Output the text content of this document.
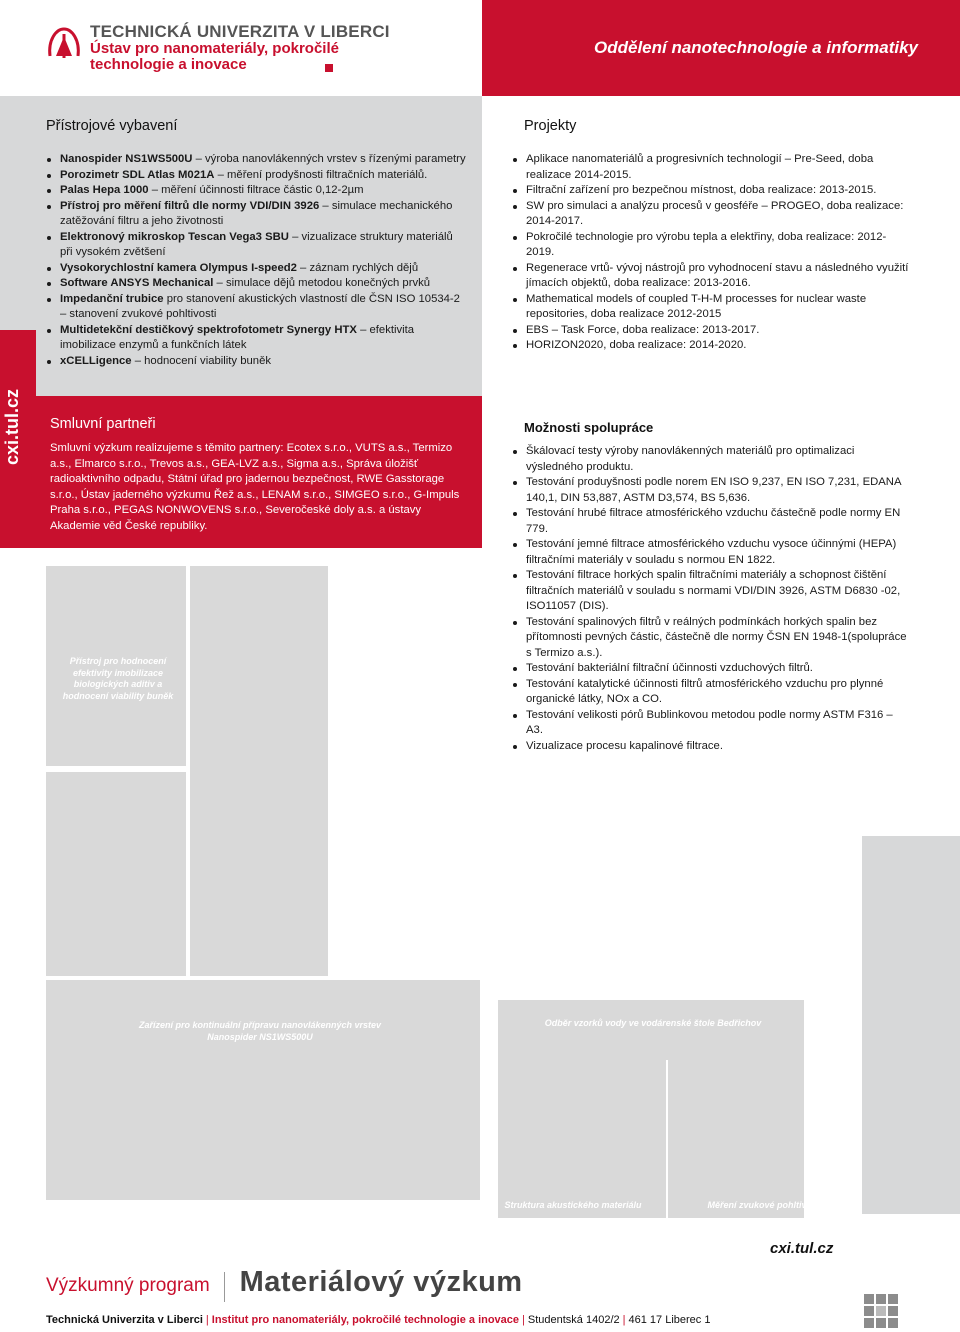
TECHNICKÁ UNIVERZITA V LIBERCI
Ústav pro nanomateriály, pokročilé technologie a inovace
Oddělení nanotechnologie a informatiky
cxi.tul.cz
Přístrojové vybavení
Nanospider NS1WS500U – výroba nanovlákenných vrstev s řízenými parametry
Porozimetr SDL Atlas M021A – měření prodyšnosti filtračních materiálů.
Palas Hepa 1000 – měření účinnosti filtrace částic 0,12-2µm
Přístroj pro měření filtrů dle normy VDI/DIN 3926 – simulace mechanického zatěžování filtru a jeho životnosti
Elektronový mikroskop Tescan Vega3 SBU – vizualizace struktury materiálů při vysokém zvětšení
Vysokorychlostní kamera Olympus I-speed2 – záznam rychlých dějů
Software ANSYS Mechanical – simulace dějů metodou konečných prvků
Impedanční trubice pro stanovení akustických vlastností dle ČSN ISO 10534-2 – stanovení zvukové pohltivosti
Multidetekční destičkový spektrofotometr Synergy HTX – efektivita imobilizace enzymů a funkčních látek
xCELLigence – hodnocení viability buněk
Smluvní partneři

Smluvní výzkum realizujeme s těmito partnery: Ecotex s.r.o., VUTS a.s., Termizo a.s., Elmarco s.r.o., Trevos a.s., GEA-LVZ a.s., Sigma a.s., Správa úložišť radioaktivního odpadu, Státní úřad pro jadernou bezpečnost, RWE Gasstorage s.r.o., Ústav jaderného výzkumu Řež a.s., LENAM s.r.o., SIMGEO s.r.o., G-Impuls Praha s.r.o., PEGAS NONWOVENS s.r.o., Severočeské doly a.s. a ústavy Akademie věd České republiky.

Přístroj pro hodnocení efektivity imobilizace biologických aditiv a hodnocení viability buněk
Zařízení pro kontinuální přípravu nanovlákenných vrstev Nanospider NS1WS500U
Odběr vzorků vody ve vodárenské štole Bedřichov
Pracoviště filtrace	Struktura akustického materiálu	Měření zvukové pohltivosti
Projekty
Aplikace nanomateriálů a progresivních technologií – Pre-Seed, doba realizace 2014-2015.
Filtrační zařízení pro bezpečnou místnost, doba realizace: 2013-2015.
SW pro simulaci a analýzu procesů v geosféře – PROGEO, doba realizace: 2014-2017.
Pokročilé technologie pro výrobu tepla a elektřiny, doba realizace: 2012-2019.
Regenerace vrtů- vývoj nástrojů pro vyhodnocení stavu a následného využití jímacích objektů, doba realizace: 2013-2016.
Mathematical models of coupled T-H-M processes for nuclear waste repositories, doba realizace 2012-2015
EBS – Task Force, doba realizace: 2013-2017.
HORIZON2020, doba realizace: 2014-2020.
Možnosti spolupráce
Škálovací testy výroby nanovlákenných materiálů pro optimalizaci výsledného produktu.
Testování produyšnosti podle norem EN ISO 9,237, EN ISO 7,231, EDANA 140,1, DIN 53,887, ASTM D3,574, BS 5,636.
Testování hrubé filtrace atmosférického vzduchu částečně podle normy EN 779.
Testování jemné filtrace atmosférického vzduchu vysoce účinnými (HEPA) filtračními materiály v souladu s normou EN 1822.
Testování filtrace horkých spalin filtračními materiály a schopnost čištění filtračních materiálů v souladu s normami VDI/DIN 3926, ASTM D6830 -02, ISO11057 (DIS).
Testování spalinových filtrů v reálných podmínkách horkých spalin bez přítomnosti pevných částic, částečně dle normy ČSN EN 1948-1(spolupráce s Termizo a.s.).
Testování bakteriální filtrační účinnosti vzduchových filtrů.
Testování katalytické účinnosti filtrů atmosférického vzduchu pro plynné organické látky, NOx a CO.
Testování velikosti pórů Bublinkovou metodou podle normy ASTM F316 – A3.
Vizualizace procesu kapalinové filtrace.
cxi.tul.cz
Výzkumný program Materiálový výzkum
Technická Univerzita v Liberci | Institut pro nanomateriály, pokročilé technologie a inovace | Studentská 1402/2 | 461 17 Liberec 1
